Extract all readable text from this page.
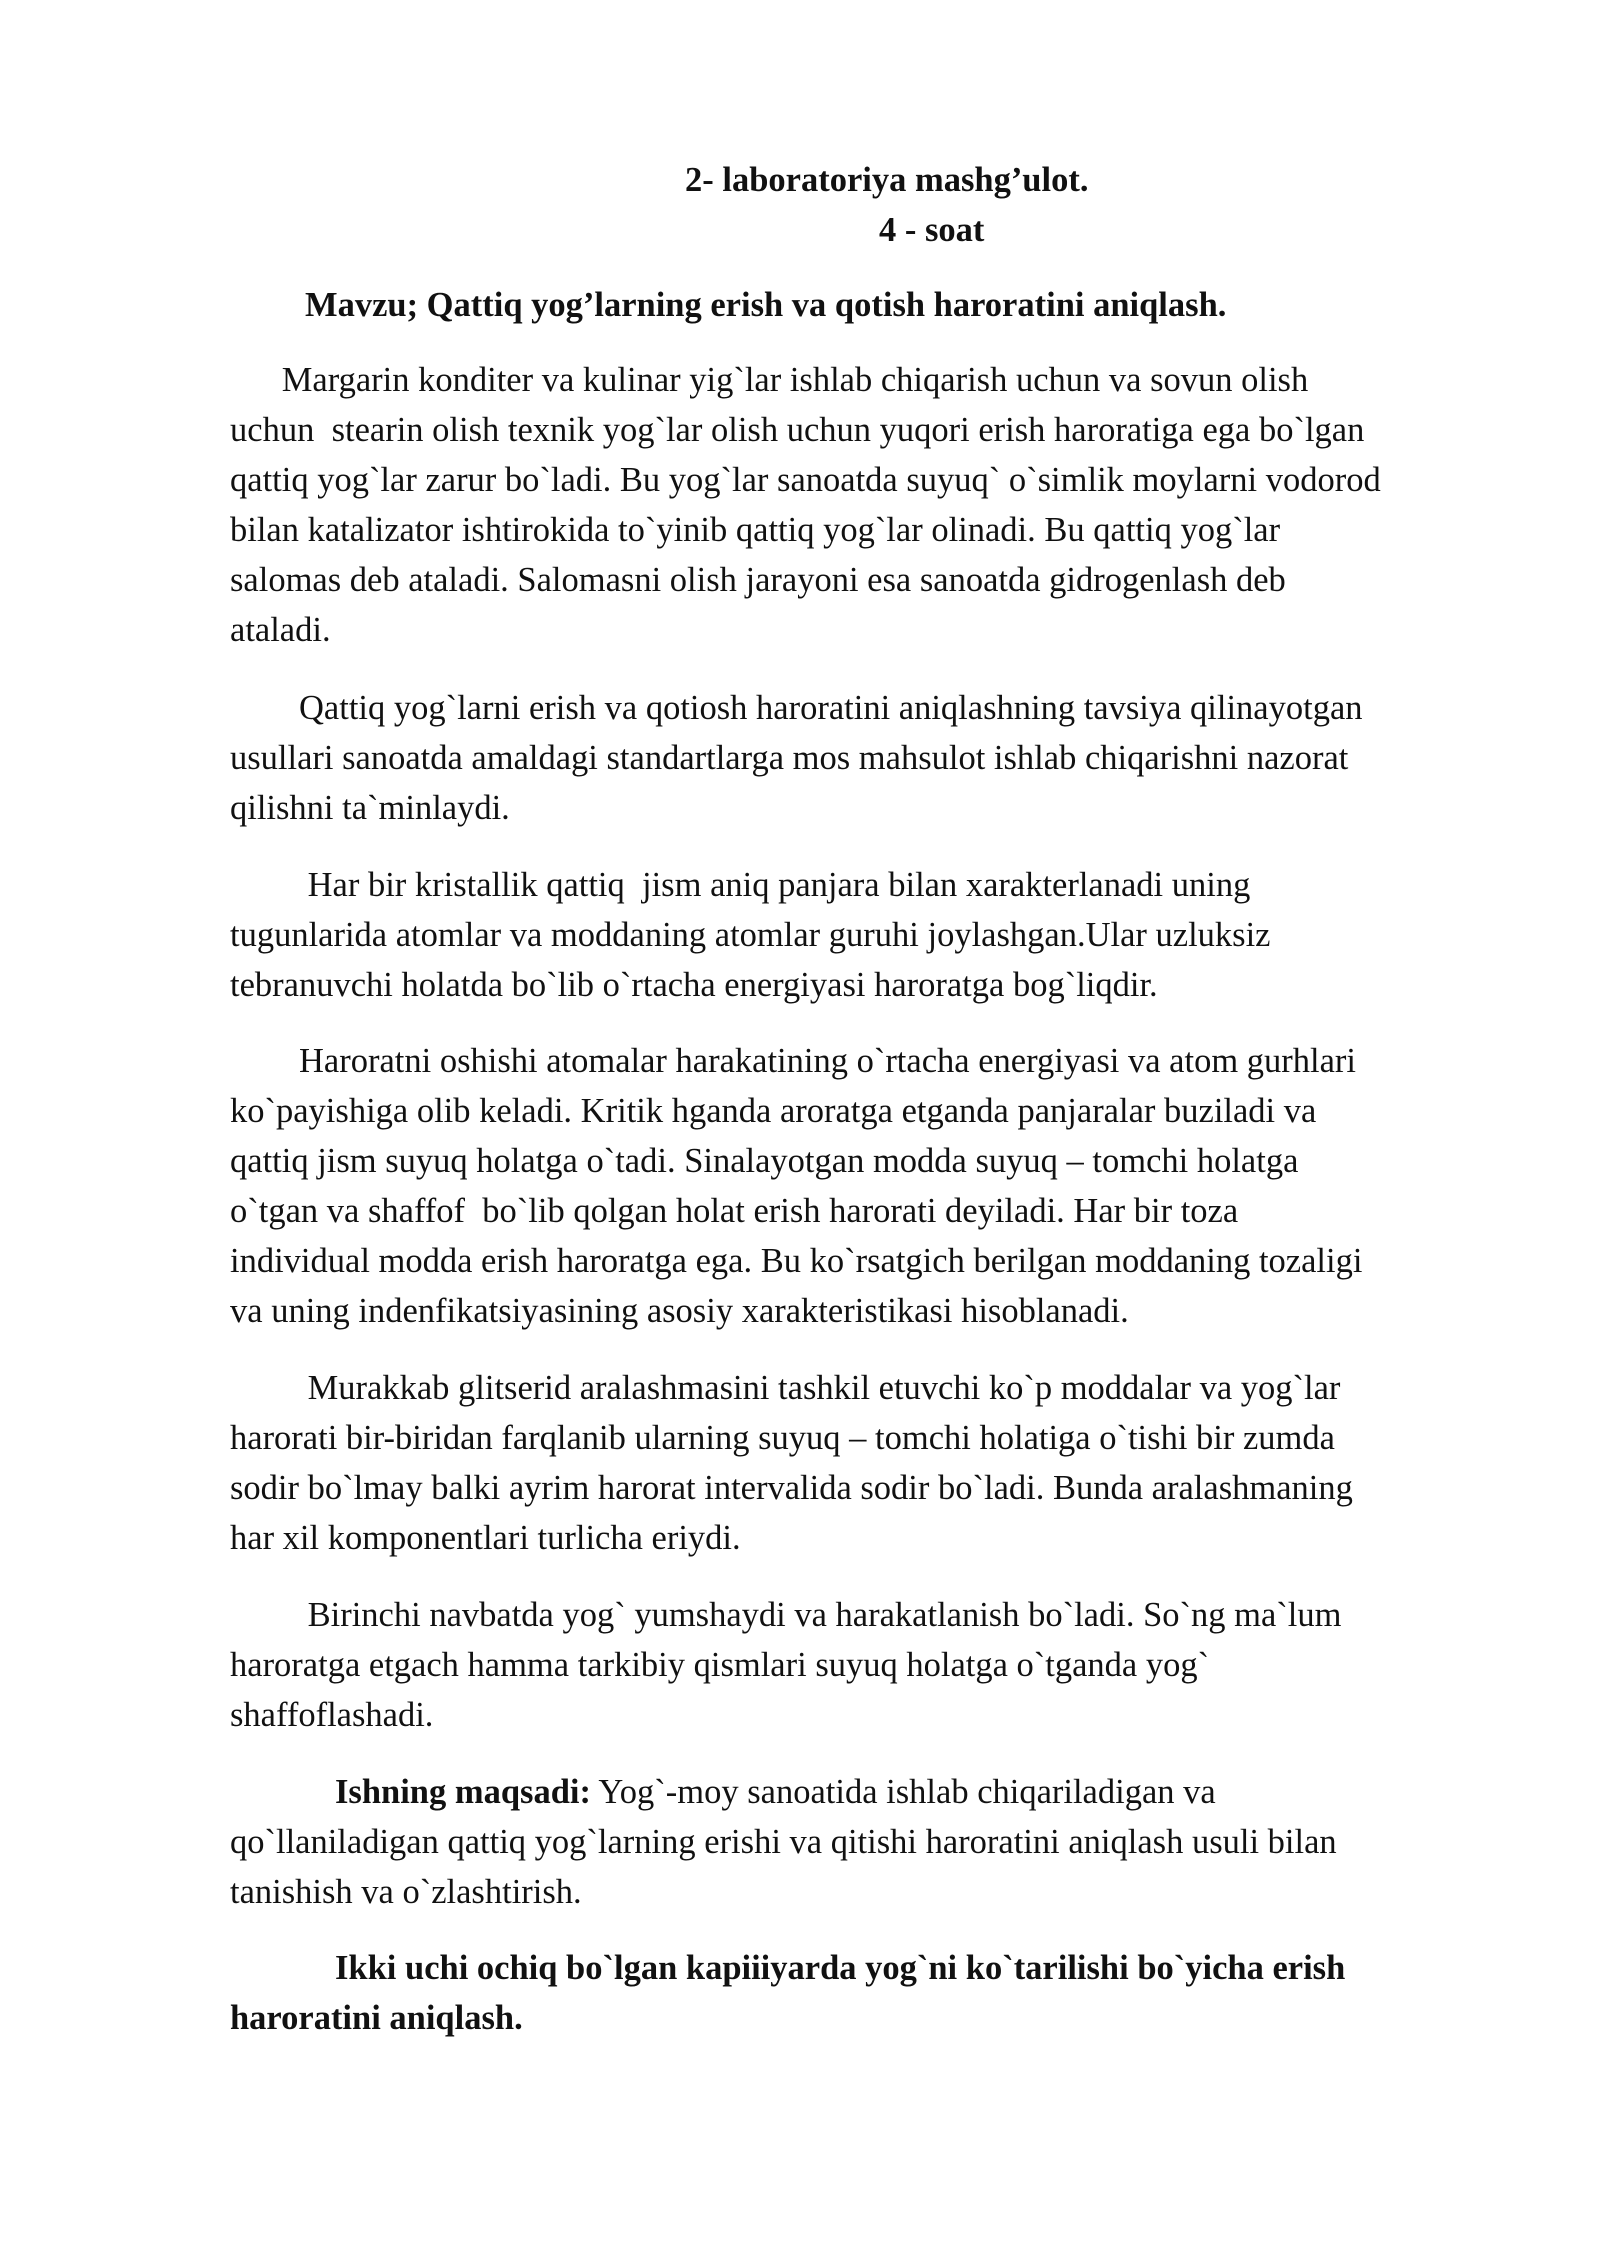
2- laboratoriya mashg’ulot.
4 - soat
Mavzu; Qattiq yog’larning erish va qotish haroratini aniqlash.
Margarin konditer va kulinar yig`lar ishlab chiqarish uchun va sovun olish
uchun  stearin olish texnik yog`lar olish uchun yuqori erish haroratiga ega bo`lgan
qattiq yog`lar zarur bo`ladi. Bu yog`lar sanoatda suyuq` o`simlik moylarni vodorod
bilan katalizator ishtirokida to`yinib qattiq yog`lar olinadi. Bu qattiq yog`lar
salomas deb ataladi. Salomasni olish jarayoni esa sanoatda gidrogenlash deb
ataladi.
Qattiq yog`larni erish va qotiosh haroratini aniqlashning tavsiya qilinayotgan
usullari sanoatda amaldagi standartlarga mos mahsulot ishlab chiqarishni nazorat
qilishni ta`minlaydi.
Har bir kristallik qattiq  jism aniq panjara bilan xarakterlanadi uning
tugunlarida atomlar va moddaning atomlar guruhi joylashgan.Ular uzluksiz
tebranuvchi holatda bo`lib o`rtacha energiyasi haroratga bog`liqdir.
Haroratni oshishi atomalar harakatining o`rtacha energiyasi va atom gurhlari
ko`payishiga olib keladi. Kritik hganda aroratga etganda panjaralar buziladi va
qattiq jism suyuq holatga o`tadi. Sinalayotgan modda suyuq – tomchi holatga
o`tgan va shaffof  bo`lib qolgan holat erish harorati deyiladi. Har bir toza
individual modda erish haroratga ega. Bu ko`rsatgich berilgan moddaning tozaligi
va uning indenfikatsiyasining asosiy xarakteristikasi hisoblanadi.
Murakkab glitserid aralashmasini tashkil etuvchi ko`p moddalar va yog`lar
harorati bir-biridan farqlanib ularning suyuq – tomchi holatiga o`tishi bir zumda
sodir bo`lmay balki ayrim harorat intervalida sodir bo`ladi. Bunda aralashmaning
har xil komponentlari turlicha eriydi.
Birinchi navbatda yog` yumshaydi va harakatlanish bo`ladi. So`ng ma`lum
haroratga etgach hamma tarkibiy qismlari suyuq holatga o`tganda yog`
shaffoflashadi.
Ishning maqsadi: Yog`-moy sanoatida ishlab chiqariladigan va
qo`llaniladigan qattiq yog`larning erishi va qitishi haroratini aniqlash usuli bilan
tanishish va o`zlashtirish.
Ikki uchi ochiq bo`lgan kapiiiyarda yog`ni ko`tarilishi bo`yicha erish
haroratini aniqlash.
